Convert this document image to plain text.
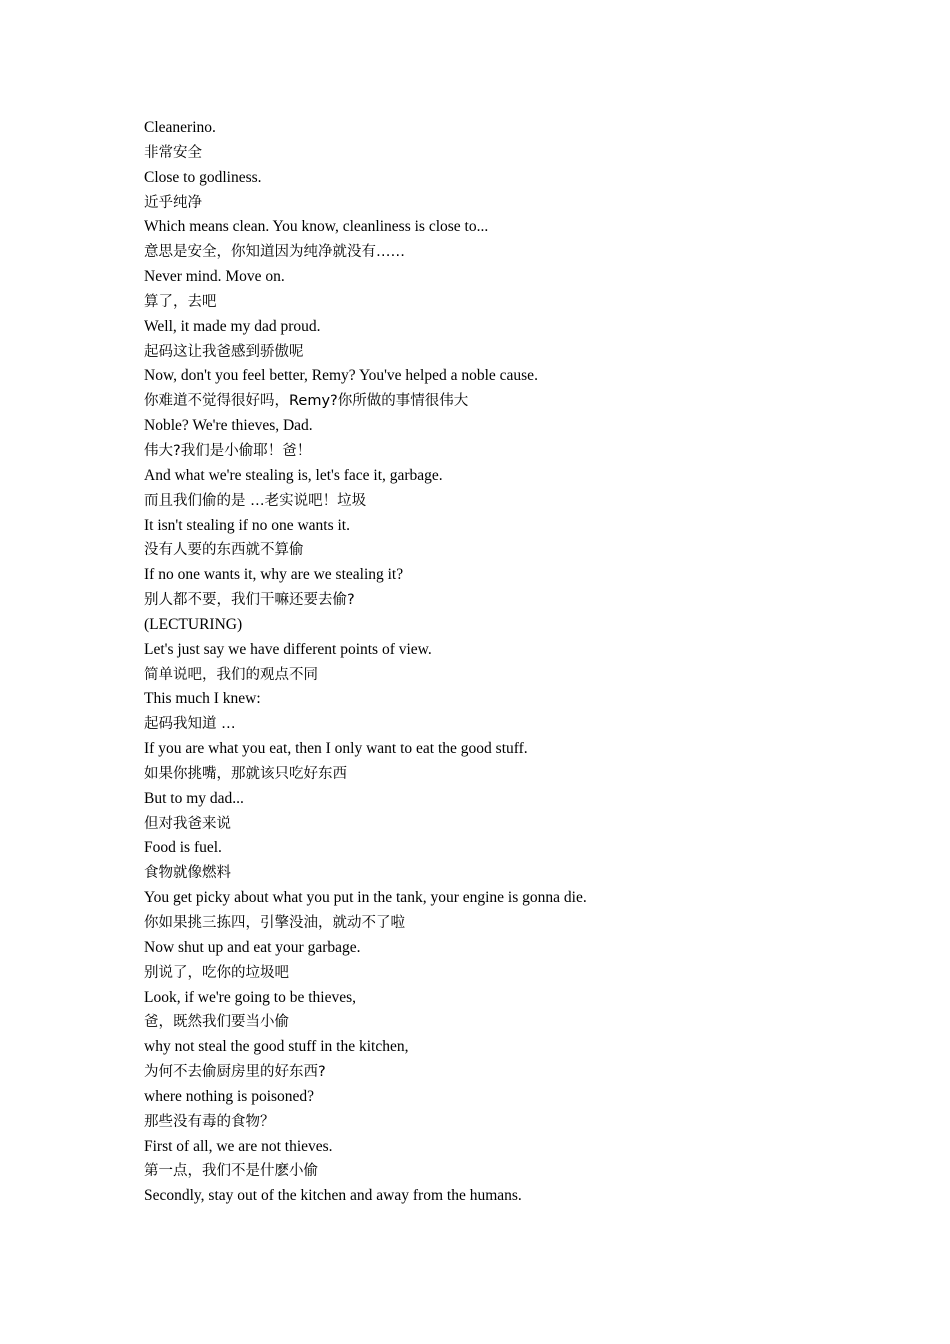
Cleanerino.
非常安全
Close to godliness.
近乎纯净
Which means clean. You know, cleanliness is close to...
意思是安全，你知道因为纯净就没有……
Never mind. Move on.
算了，去吧
Well, it made my dad proud.
起码这让我爸感到骄傲呢
Now, don't you feel better, Remy? You've helped a noble cause.
你难道不觉得很好吗，Remy?你所做的事情很伟大
Noble? We're thieves, Dad.
伟大?我们是小偷耶！爸！
And what we're stealing is, let's face it, garbage.
而且我们偷的是 …老实说吧！垃圾
It isn't stealing if no one wants it.
没有人要的东西就不算偷
If no one wants it, why are we stealing it?
别人都不要，我们干嘛还要去偷?
(LECTURING)
Let's just say we have different points of view.
简单说吧，我们的观点不同
This much I knew:
起码我知道 …
If you are what you eat, then I only want to eat the good stuff.
如果你挑嘴，那就该只吃好东西
But to my dad...
但对我爸来说
Food is fuel.
食物就像燃料
You get picky about what you put in the tank, your engine is gonna die.
你如果挑三拣四，引擎没油，就动不了啦
Now shut up and eat your garbage.
别说了，吃你的垃圾吧
Look, if we're going to be thieves,
爸，既然我们要当小偷
why not steal the good stuff in the kitchen,
为何不去偷厨房里的好东西?
where nothing is poisoned?
那些没有毒的食物？
First of all, we are not thieves.
第一点，我们不是什麽小偷
Secondly, stay out of the kitchen and away from the humans.
